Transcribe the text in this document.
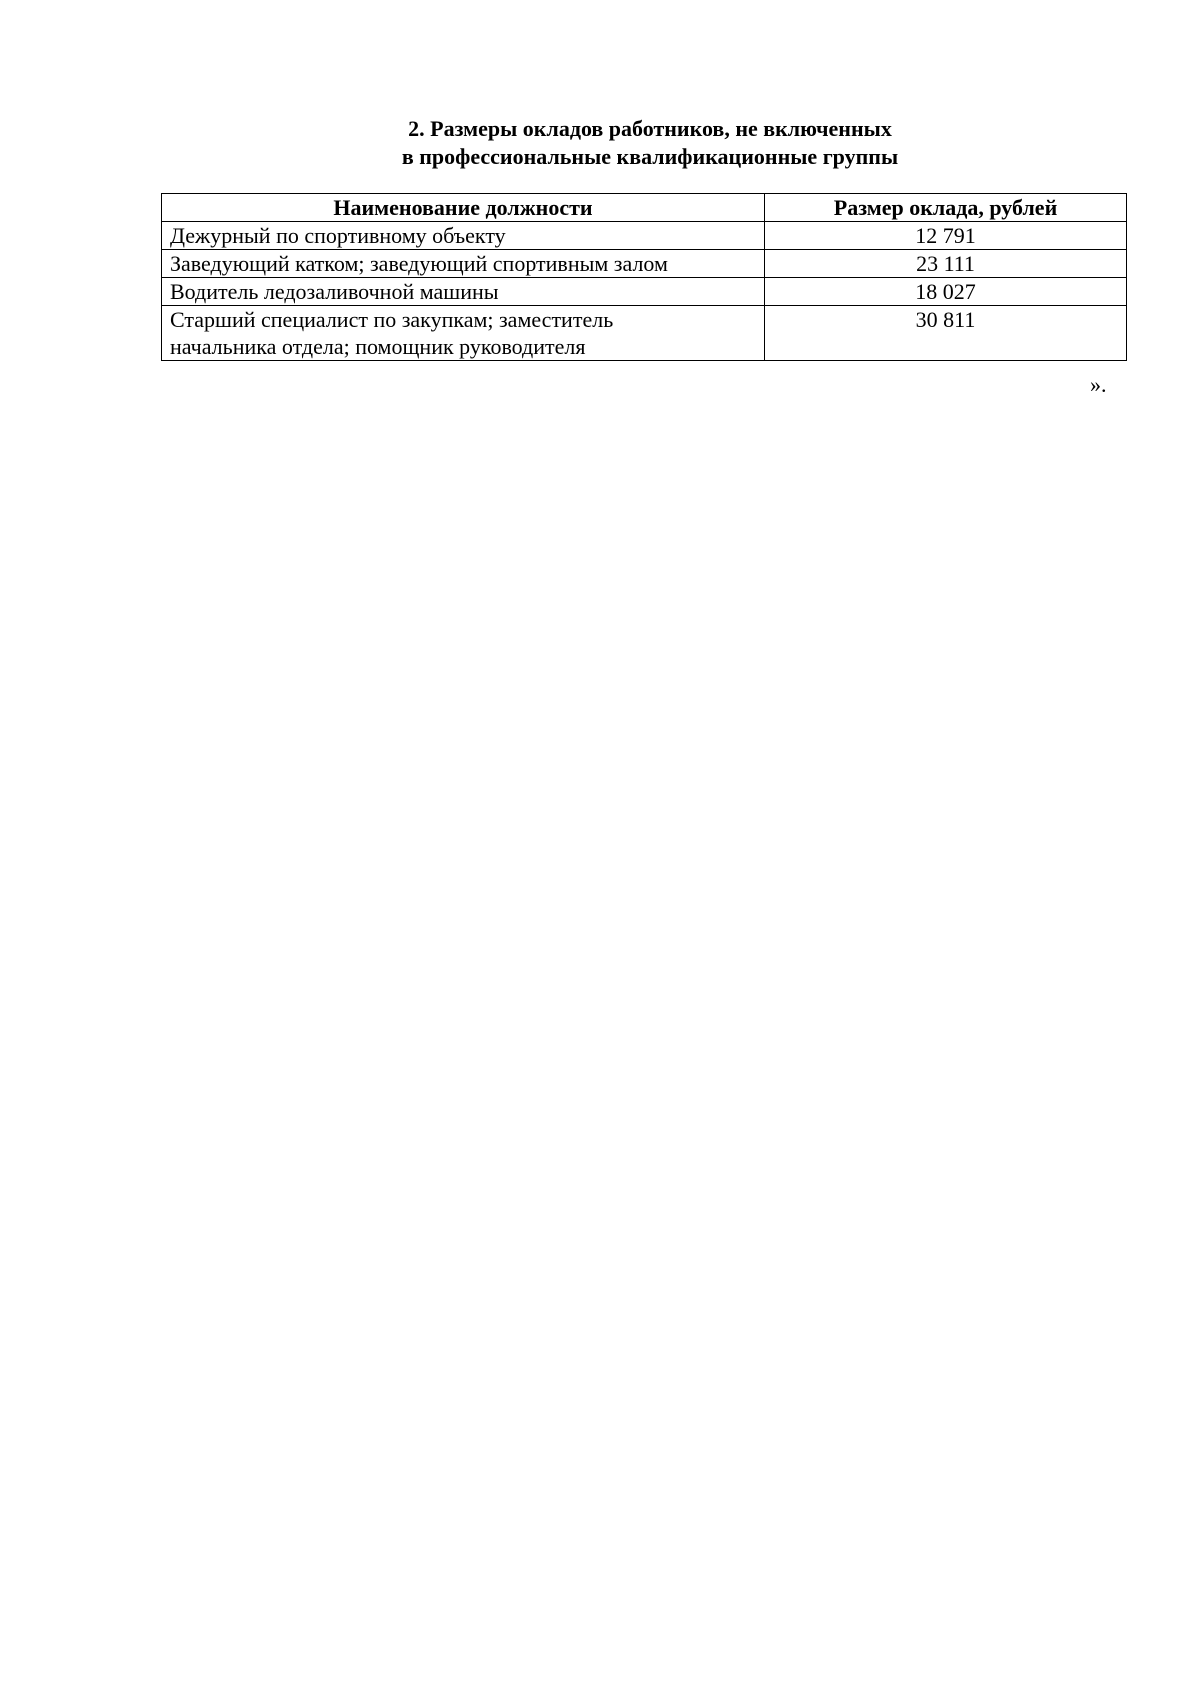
2. Размеры окладов работников, не включенных
в профессиональные квалификационные группы
Наименование должности	Размер оклада, рублей
Дежурный по спортивному объекту	12 791
Заведующий катком; заведующий спортивным залом	23 111
Водитель ледозаливочной машины	18 027
Старший специалист по закупкам; заместитель
начальника отдела; помощник руководителя	30 811
».
